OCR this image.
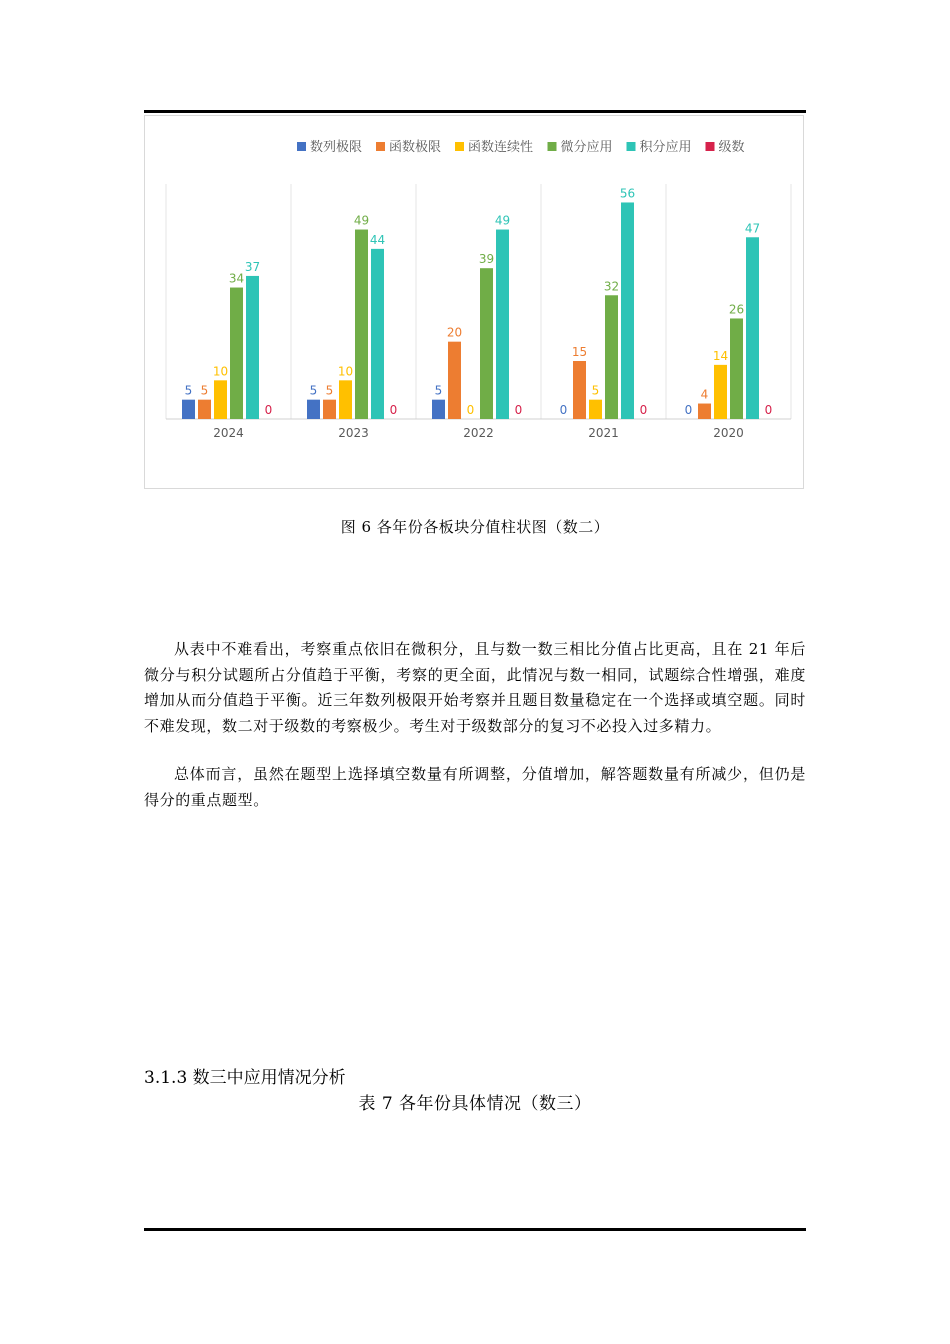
5 5
10
34
37
0
2024
5 5
10
49
44
0
2023
5
20
0
39
49
0
2022
0
15
5
32
56
0
2021
0
4
14
26
47
0
2020
数列极限 函数极限 函数连续性 微分应用 积分应用 级数
图 6 各年份各板块分值柱状图（数二）

从表中不难看出，考察重点依旧在微积分，且与数一数三相比分值占比更高，且在 21 年后微分与积分试题所占分值趋于平衡，考察的更全面，此情况与数一相同，试题综合性增强，难度增加从而分值趋于平衡。近三年数列极限开始考察并且题目数量稳定在一个选择或填空题。同时不难发现，数二对于级数的考察极少。考生对于级数部分的复习不必投入过多精力。

总体而言，虽然在题型上选择填空数量有所调整，分值增加，解答题数量有所减少，但仍是得分的重点题型。

3.1.3 数三中应用情况分析
表 7 各年份具体情况（数三）
